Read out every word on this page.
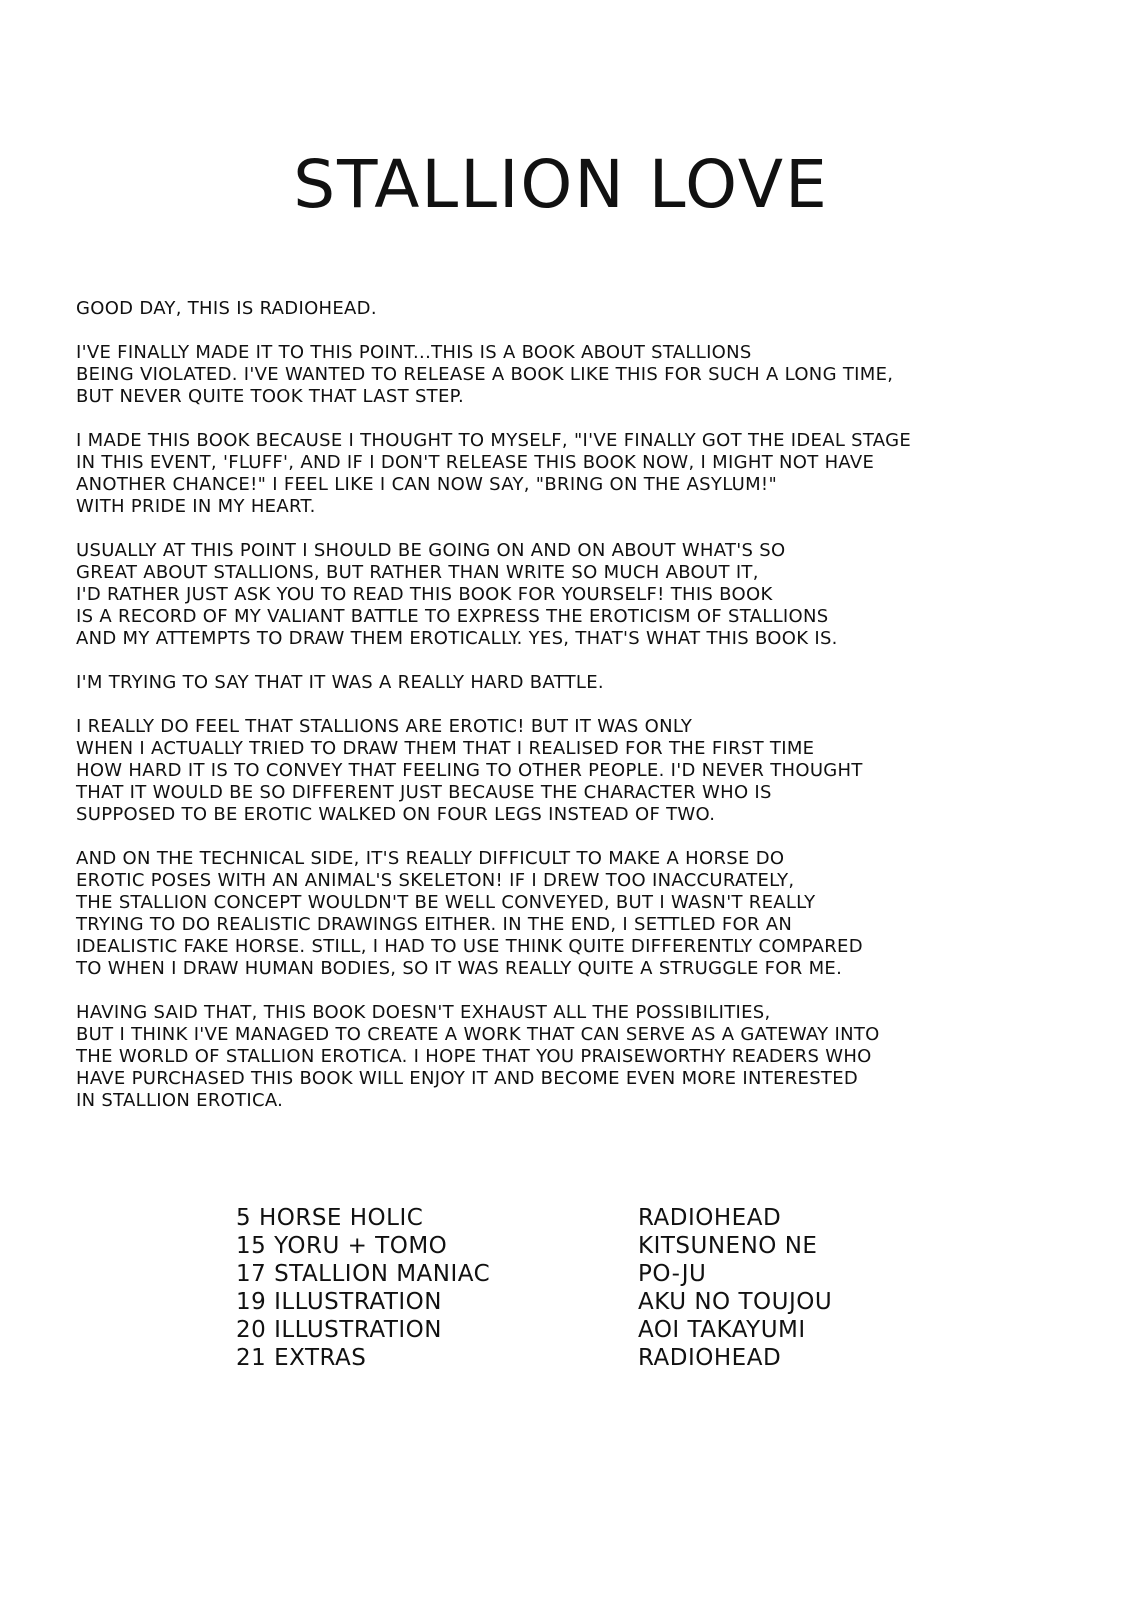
STALLION LOVE

GOOD DAY, THIS IS RADIOHEAD.

I'VE FINALLY MADE IT TO THIS POINT...THIS IS A BOOK ABOUT STALLIONS
BEING VIOLATED. I'VE WANTED TO RELEASE A BOOK LIKE THIS FOR SUCH A LONG TIME,
BUT NEVER QUITE TOOK THAT LAST STEP.

I MADE THIS BOOK BECAUSE I THOUGHT TO MYSELF, "I'VE FINALLY GOT THE IDEAL STAGE
IN THIS EVENT, 'FLUFF', AND IF I DON'T RELEASE THIS BOOK NOW, I MIGHT NOT HAVE
ANOTHER CHANCE!" I FEEL LIKE I CAN NOW SAY, "BRING ON THE ASYLUM!"
WITH PRIDE IN MY HEART.

USUALLY AT THIS POINT I SHOULD BE GOING ON AND ON ABOUT WHAT'S SO
GREAT ABOUT STALLIONS, BUT RATHER THAN WRITE SO MUCH ABOUT IT,
I'D RATHER JUST ASK YOU TO READ THIS BOOK FOR YOURSELF! THIS BOOK
IS A RECORD OF MY VALIANT BATTLE TO EXPRESS THE EROTICISM OF STALLIONS
AND MY ATTEMPTS TO DRAW THEM EROTICALLY. YES, THAT'S WHAT THIS BOOK IS.

I'M TRYING TO SAY THAT IT WAS A REALLY HARD BATTLE.

I REALLY DO FEEL THAT STALLIONS ARE EROTIC! BUT IT WAS ONLY
WHEN I ACTUALLY TRIED TO DRAW THEM THAT I REALISED FOR THE FIRST TIME
HOW HARD IT IS TO CONVEY THAT FEELING TO OTHER PEOPLE. I'D NEVER THOUGHT
THAT IT WOULD BE SO DIFFERENT JUST BECAUSE THE CHARACTER WHO IS
SUPPOSED TO BE EROTIC WALKED ON FOUR LEGS INSTEAD OF TWO.

AND ON THE TECHNICAL SIDE, IT'S REALLY DIFFICULT TO MAKE A HORSE DO
EROTIC POSES WITH AN ANIMAL'S SKELETON! IF I DREW TOO INACCURATELY,
THE STALLION CONCEPT WOULDN'T BE WELL CONVEYED, BUT I WASN'T REALLY
TRYING TO DO REALISTIC DRAWINGS EITHER. IN THE END, I SETTLED FOR AN
IDEALISTIC FAKE HORSE. STILL, I HAD TO USE THINK QUITE DIFFERENTLY COMPARED
TO WHEN I DRAW HUMAN BODIES, SO IT WAS REALLY QUITE A STRUGGLE FOR ME.

HAVING SAID THAT, THIS BOOK DOESN'T EXHAUST ALL THE POSSIBILITIES,
BUT I THINK I'VE MANAGED TO CREATE A WORK THAT CAN SERVE AS A GATEWAY INTO
THE WORLD OF STALLION EROTICA. I HOPE THAT YOU PRAISEWORTHY READERS WHO
HAVE PURCHASED THIS BOOK WILL ENJOY IT AND BECOME EVEN MORE INTERESTED
IN STALLION EROTICA.

5 HORSE HOLIC	RADIOHEAD
15 YORU + TOMO	KITSUNENO NE
17 STALLION MANIAC	PO-JU
19 ILLUSTRATION	AKU NO TOUJOU
20 ILLUSTRATION	AOI TAKAYUMI
21 EXTRAS	RADIOHEAD
